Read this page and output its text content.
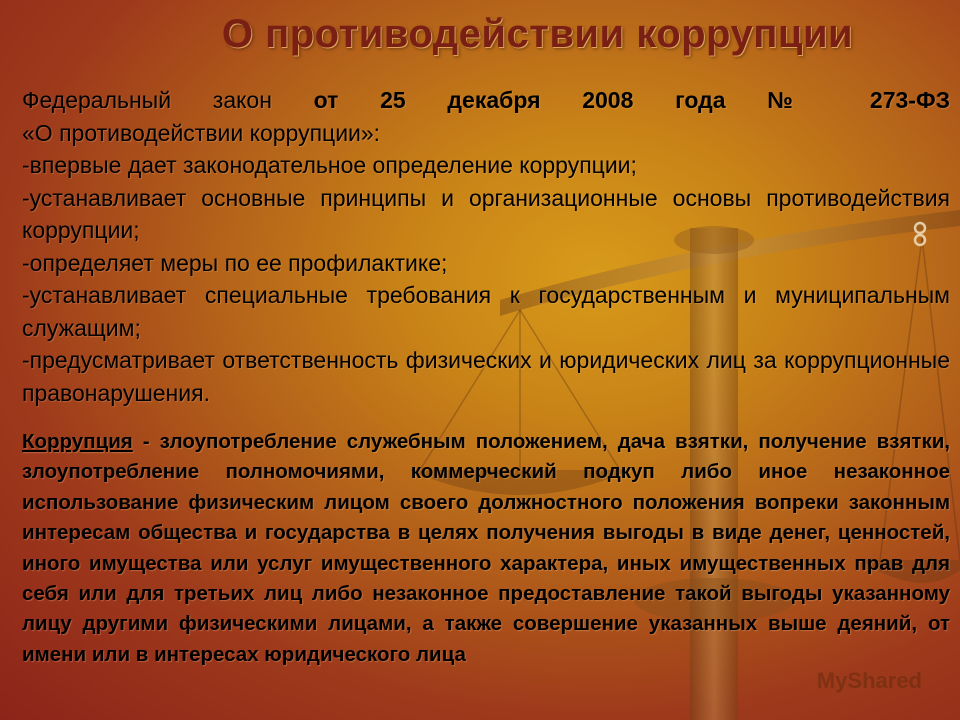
О противодействии коррупции
Федеральный закон от 25 декабря 2008 года № 273-ФЗ
«О противодействии коррупции»:
-впервые дает законодательное определение коррупции;
-устанавливает основные принципы и организационные основы противодействия коррупции;
-определяет меры по ее профилактике;
-устанавливает специальные требования к государственным и муниципальным служащим;
-предусматривает ответственность физических и юридических лиц за коррупционные правонарушения.
Коррупция - злоупотребление служебным положением, дача взятки, получение взятки, злоупотребление полномочиями, коммерческий подкуп либо иное незаконное использование физическим лицом своего должностного положения вопреки законным интересам общества и государства в целях получения выгоды в виде денег, ценностей, иного имущества или услуг имущественного характера, иных имущественных прав для себя или для третьих лиц либо незаконное предоставление такой выгоды указанному лицу другими физическими лицами, а также совершение указанных выше деяний, от имени или в интересах юридического лица
MyShared
